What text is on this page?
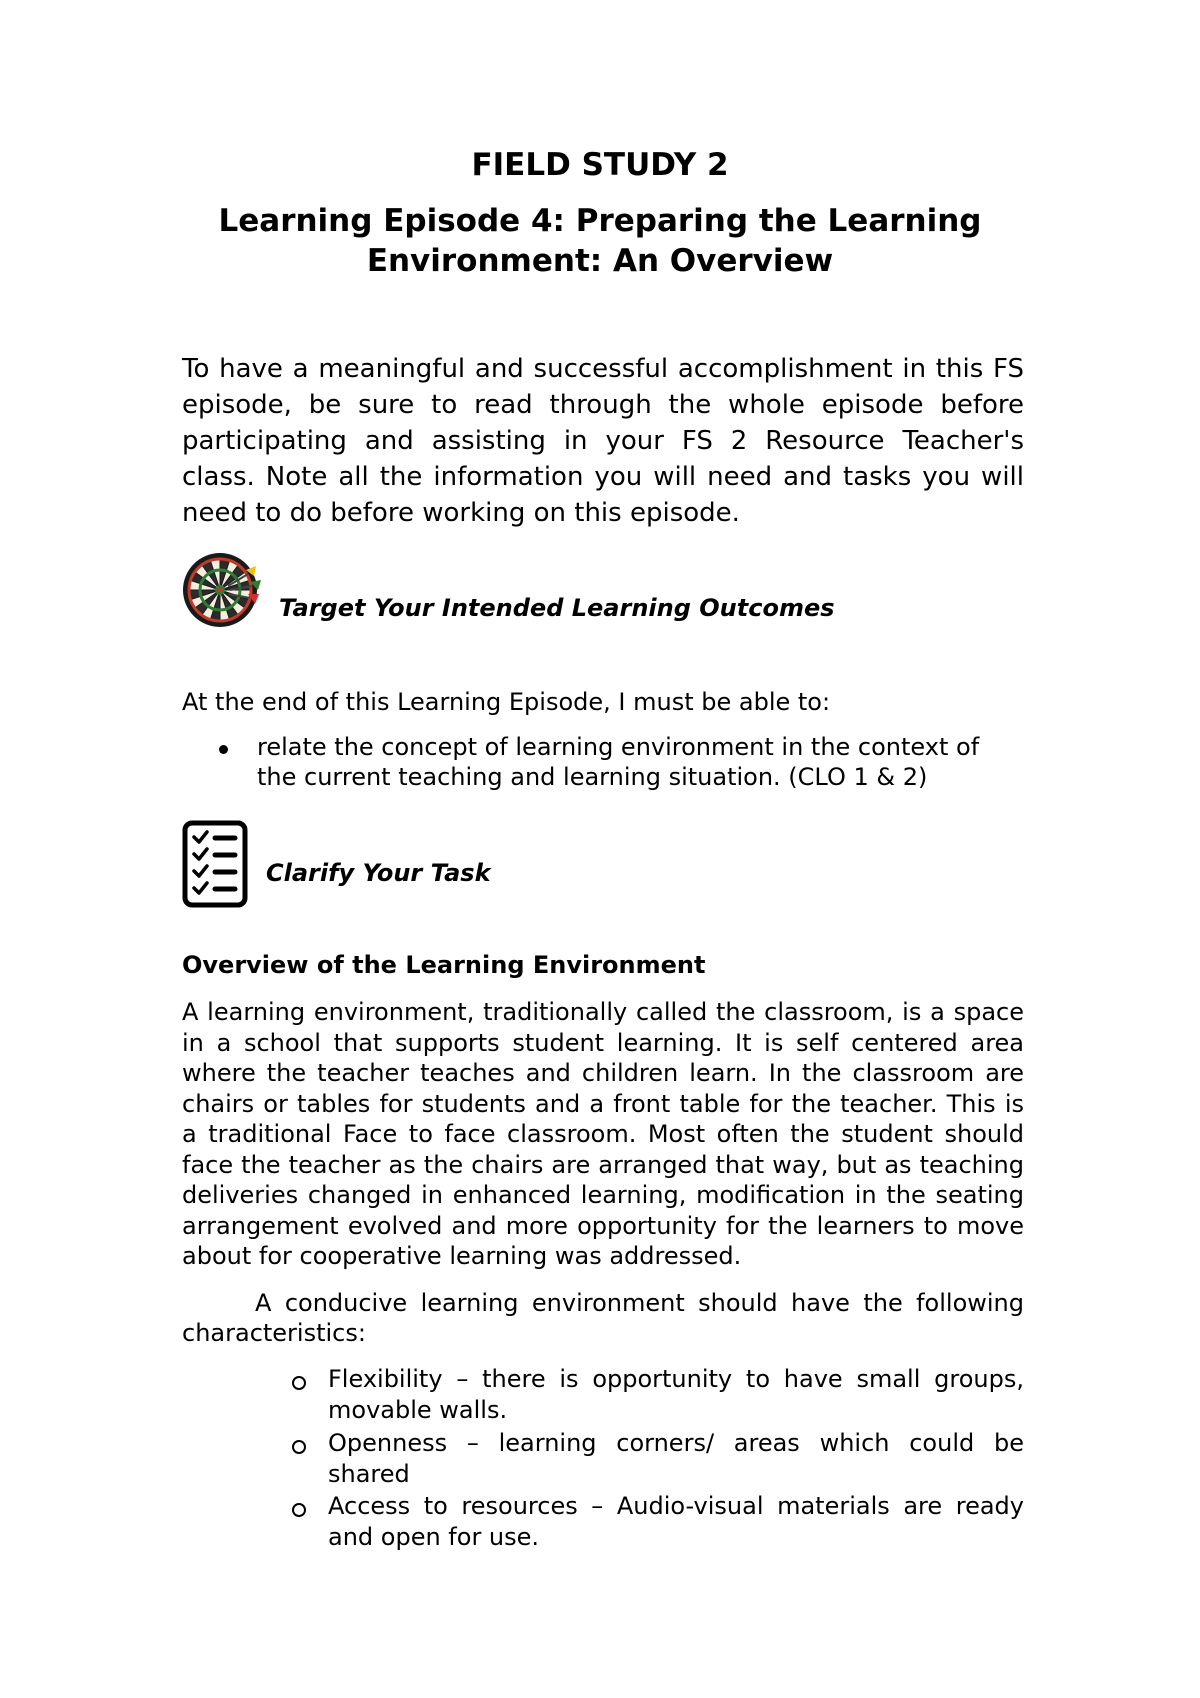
FIELD STUDY 2
Learning Episode 4: Preparing the Learning
Environment: An Overview
To have a meaningful and successful accomplishment in this FS episode, be sure to read through the whole episode before participating and assisting in your FS 2 Resource Teacher's class. Note all the information you will need and tasks you will need to do before working on this episode.
Target Your Intended Learning Outcomes
At the end of this Learning Episode, I must be able to:
relate the concept of learning environment in the context of
the current teaching and learning situation. (CLO 1 & 2)
Clarify Your Task
Overview of the Learning Environment
A learning environment, traditionally called the classroom, is a space in a school that supports student learning. It is self centered area where the teacher teaches and children learn. In the classroom are chairs or tables for students and a front table for the teacher. This is a traditional Face to face classroom. Most often the student should face the teacher as the chairs are arranged that way, but as teaching deliveries changed in enhanced learning, modification in the seating arrangement evolved and more opportunity for the learners to move about for cooperative learning was addressed.
A conducive learning environment should have the following characteristics:
Flexibility – there is opportunity to have small groups, movable walls.
Openness – learning corners/ areas which could be shared
Access to resources – Audio-visual materials are ready and open for use.
